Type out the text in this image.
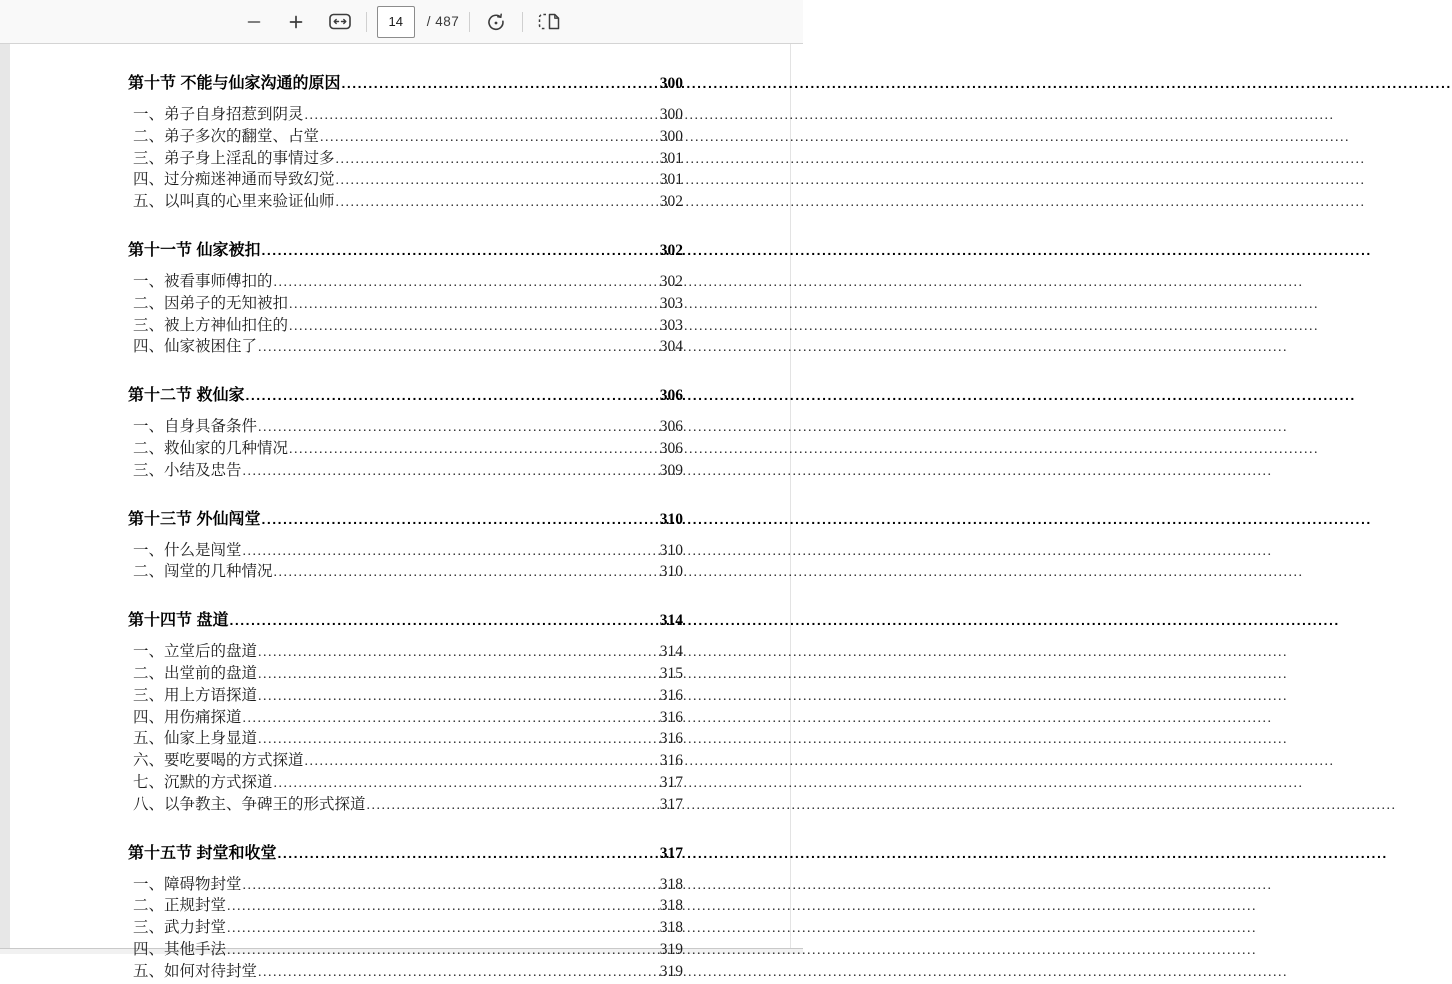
14
/ 487
第十节 不能与仙家沟通的原因 .....	300
一、弟子自身招惹到阴灵 .....	300
二、弟子多次的翻堂、占堂 .....	300
三、弟子身上淫乱的事情过多 .....	301
四、过分痴迷神通而导致幻觉 .....	301
五、以叫真的心里来验证仙师 .....	302
第十一节 仙家被扣 .....	302
一、被看事师傅扣的 .....	302
二、因弟子的无知被扣 .....	303
三、被上方神仙扣住的 .....	303
四、仙家被困住了 .....	304
第十二节 救仙家 .....	306
一、自身具备条件 .....	306
二、救仙家的几种情况 .....	306
三、小结及忠告 .....	309
第十三节 外仙闯堂 .....	310
一、什么是闯堂 .....	310
二、闯堂的几种情况 .....	310
第十四节 盘道 .....	314
一、立堂后的盘道 .....	314
二、出堂前的盘道 .....	315
三、用上方语探道 .....	316
四、用伤痛探道 .....	316
五、仙家上身显道 .....	316
六、要吃要喝的方式探道 .....	316
七、沉默的方式探道 .....	317
八、以争教主、争碑王的形式探道 .....	317
第十五节 封堂和收堂 .....	317
一、障碍物封堂 .....	318
二、正规封堂 .....	318
三、武力封堂 .....	318
四、其他手法 .....	319
五、如何对待封堂 .....	319
